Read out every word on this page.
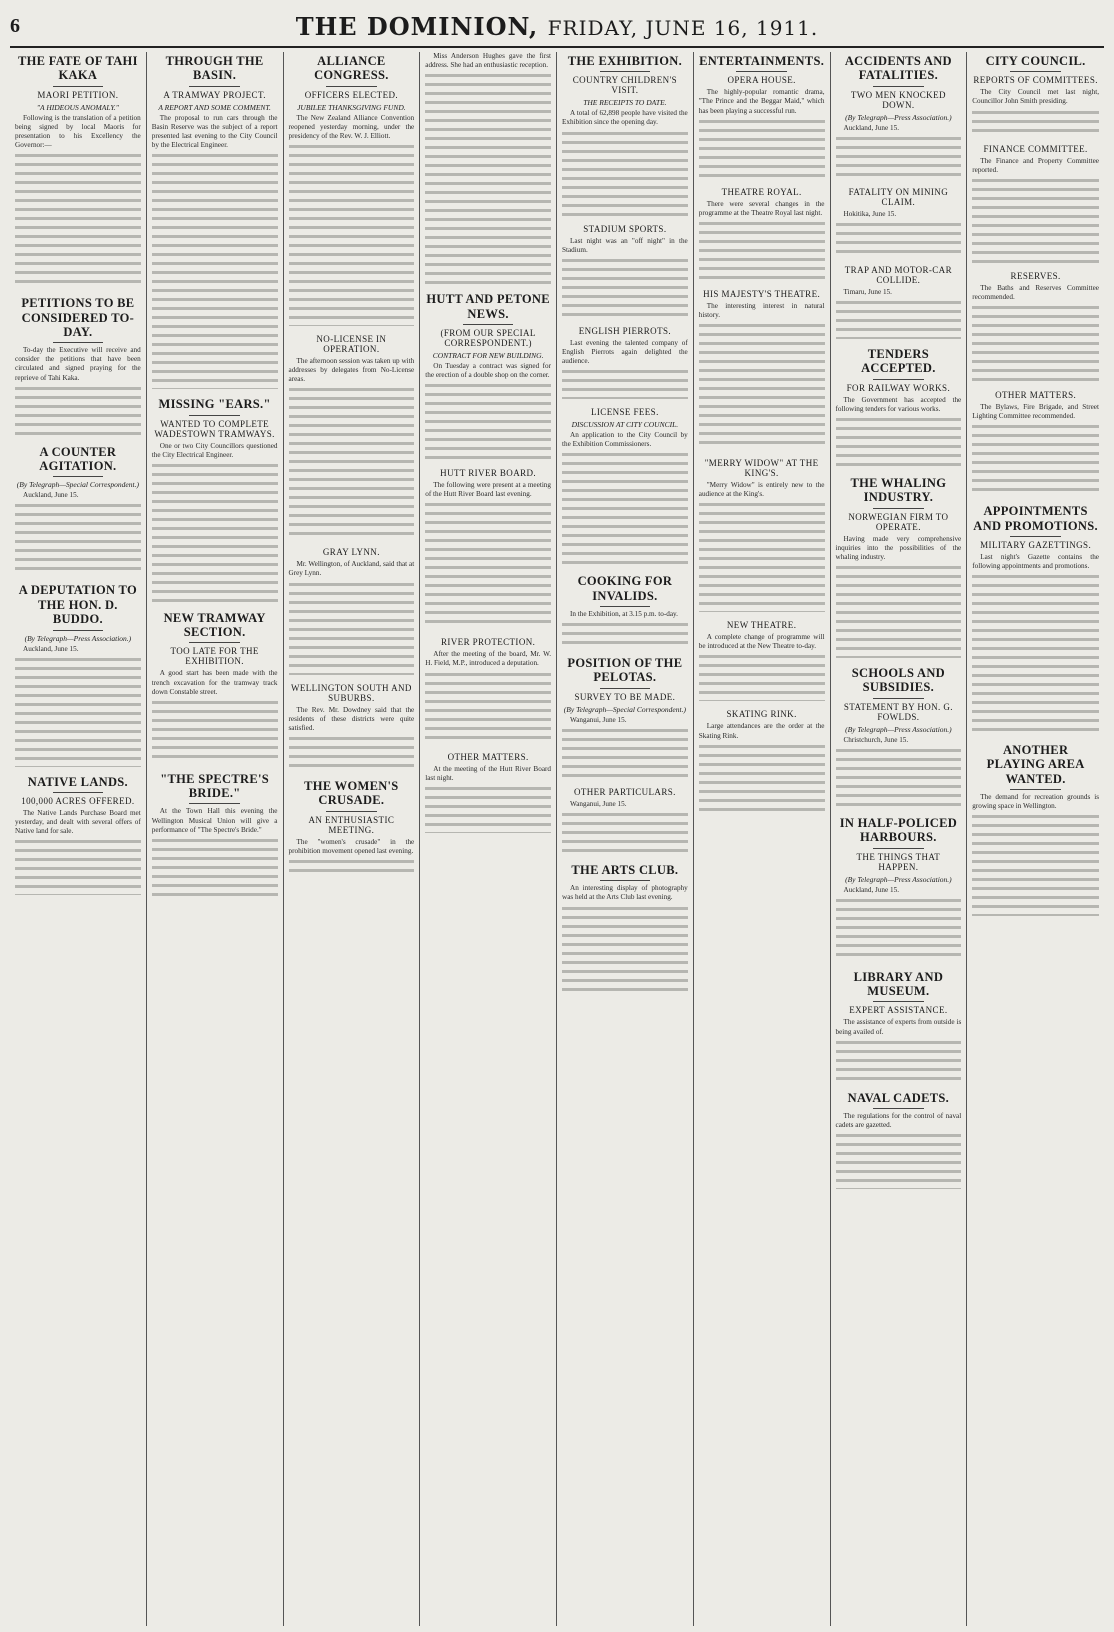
6	THE DOMINION, FRIDAY, JUNE 16, 1911.
THE FATE OF TAHI KAKA
MAORI PETITION.
"A HIDEOUS ANOMALY."

Following is the translation of a petition being signed by local Maoris for presentation to his Excellency the Governor:—

PETITIONS TO BE CONSIDERED TO-DAY.

To-day the Executive will receive and consider the petitions that have been circulated and signed praying for the reprieve of Tahi Kaka.

A COUNTER AGITATION.
(By Telegraph—Special Correspondent.)

Auckland, June 15.

A DEPUTATION TO THE HON. D. BUDDO.
(By Telegraph—Press Association.)

Auckland, June 15.

NATIVE LANDS.
100,000 ACRES OFFERED.

The Native Lands Purchase Board met yesterday, and dealt with several offers of Native land for sale.

THROUGH THE BASIN.
A TRAMWAY PROJECT.
A REPORT AND SOME COMMENT.

The proposal to run cars through the Basin Reserve was the subject of a report presented last evening to the City Council by the Electrical Engineer.

MISSING "EARS."
WANTED TO COMPLETE WADESTOWN TRAMWAYS.

One or two City Councillors questioned the City Electrical Engineer.

NEW TRAMWAY SECTION.
TOO LATE FOR THE EXHIBITION.

A good start has been made with the trench excavation for the tramway track down Constable street.

"THE SPECTRE'S BRIDE."

At the Town Hall this evening the Wellington Musical Union will give a performance of "The Spectre's Bride."

ALLIANCE CONGRESS.
OFFICERS ELECTED.
JUBILEE THANKSGIVING FUND.

The New Zealand Alliance Convention reopened yesterday morning, under the presidency of the Rev. W. J. Elliott.

NO-LICENSE IN OPERATION.

The afternoon session was taken up with addresses by delegates from No-License areas.

GRAY LYNN.

Mr. Wellington, of Auckland, said that at Grey Lynn.

WELLINGTON SOUTH AND SUBURBS.

The Rev. Mr. Dowdney said that the residents of these districts were quite satisfied.

THE WOMEN'S CRUSADE.
AN ENTHUSIASTIC MEETING.

The "women's crusade" in the prohibition movement opened last evening.

Miss Anderson Hughes gave the first address. She had an enthusiastic reception.

HUTT AND PETONE NEWS.
(FROM OUR SPECIAL CORRESPONDENT.)
CONTRACT FOR NEW BUILDING.

On Tuesday a contract was signed for the erection of a double shop on the corner.

HUTT RIVER BOARD.

The following were present at a meeting of the Hutt River Board last evening.

RIVER PROTECTION.

After the meeting of the board, Mr. W. H. Field, M.P., introduced a deputation.

OTHER MATTERS.

At the meeting of the Hutt River Board last night.

THE EXHIBITION.
COUNTRY CHILDREN'S VISIT.
THE RECEIPTS TO DATE.

A total of 62,898 people have visited the Exhibition since the opening day.

STADIUM SPORTS.

Last night was an "off night" in the Stadium.

ENGLISH PIERROTS.

Last evening the talented company of English Pierrots again delighted the audience.

LICENSE FEES.
DISCUSSION AT CITY COUNCIL.

An application to the City Council by the Exhibition Commissioners.

COOKING FOR INVALIDS.

In the Exhibition, at 3.15 p.m. to-day.

POSITION OF THE PELOTAS.
SURVEY TO BE MADE.
(By Telegraph—Special Correspondent.)

Wanganui, June 15.

OTHER PARTICULARS.

Wanganui, June 15.

THE ARTS CLUB.

An interesting display of photography was held at the Arts Club last evening.

ENTERTAINMENTS.
OPERA HOUSE.

The highly-popular romantic drama, "The Prince and the Beggar Maid," which has been playing a successful run.

THEATRE ROYAL.

There were several changes in the programme at the Theatre Royal last night.

HIS MAJESTY'S THEATRE.

The interesting interest in natural history.

"MERRY WIDOW" AT THE KING'S.

"Merry Widow" is entirely new to the audience at the King's.

NEW THEATRE.

A complete change of programme will be introduced at the New Theatre to-day.

SKATING RINK.

Large attendances are the order at the Skating Rink.

ACCIDENTS AND FATALITIES.
TWO MEN KNOCKED DOWN.
(By Telegraph—Press Association.)

Auckland, June 15.

FATALITY ON MINING CLAIM.

Hokitika, June 15.

TRAP AND MOTOR-CAR COLLIDE.

Timaru, June 15.

TENDERS ACCEPTED.
FOR RAILWAY WORKS.

The Government has accepted the following tenders for various works.

THE WHALING INDUSTRY.
NORWEGIAN FIRM TO OPERATE.

Having made very comprehensive inquiries into the possibilities of the whaling industry.

SCHOOLS AND SUBSIDIES.
STATEMENT BY HON. G. FOWLDS.
(By Telegraph—Press Association.)

Christchurch, June 15.

IN HALF-POLICED HARBOURS.
THE THINGS THAT HAPPEN.
(By Telegraph—Press Association.)

Auckland, June 15.

LIBRARY AND MUSEUM.
EXPERT ASSISTANCE.

The assistance of experts from outside is being availed of.

NAVAL CADETS.

The regulations for the control of naval cadets are gazetted.

CITY COUNCIL.
REPORTS OF COMMITTEES.

The City Council met last night, Councillor John Smith presiding.

FINANCE COMMITTEE.

The Finance and Property Committee reported.

RESERVES.

The Baths and Reserves Committee recommended.

OTHER MATTERS.

The Bylaws, Fire Brigade, and Street Lighting Committee recommended.

APPOINTMENTS AND PROMOTIONS.
MILITARY GAZETTINGS.

Last night's Gazette contains the following appointments and promotions.

ANOTHER PLAYING AREA WANTED.

The demand for recreation grounds is growing space in Wellington.
